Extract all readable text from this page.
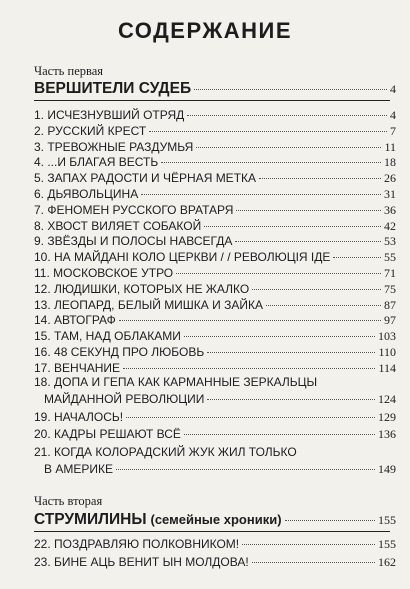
СОДЕРЖАНИЕ
Часть первая
ВЕРШИТЕЛИ СУДЕБ	4
1. ИСЧЕЗНУВШИЙ ОТРЯД	4
2. РУССКИЙ КРЕСТ	7
3. ТРЕВОЖНЫЕ РАЗДУМЬЯ	11
4. ...И БЛАГАЯ ВЕСТЬ	18
5. ЗАПАХ РАДОСТИ И ЧЁРНАЯ МЕТКА	26
6. ДЬЯВОЛЬЦИНА	31
7. ФЕНОМЕН РУССКОГО ВРАТАРЯ	36
8. ХВОСТ ВИЛЯЕТ СОБАКОЙ	42
9. ЗВЁЗДЫ И ПОЛОСЫ НАВСЕГДА	53
10. НА МАЙДАНІ КОЛО ЦЕРКВИ / / РЕВОЛЮЦІЯ ІДЕ	55
11. МОСКОВСКОЕ УТРО	71
12. ЛЮДИШКИ, КОТОРЫХ НЕ ЖАЛКО	75
13. ЛЕОПАРД, БЕЛЫЙ МИШКА И ЗАЙКА	87
14. АВТОГРАФ	97
15. ТАМ, НАД ОБЛАКАМИ	103
16. 48 СЕКУНД ПРО ЛЮБОВЬ	110
17. ВЕНЧАНИЕ	114
18. ДОПА И ГЕПА КАК КАРМАННЫЕ ЗЕРКАЛЬЦЫ
МАЙДАННОЙ РЕВОЛЮЦИИ	124
19. НАЧАЛОСЬ!	129
20. КАДРЫ РЕШАЮТ ВСЁ	136
21. КОГДА КОЛОРАДСКИЙ ЖУК ЖИЛ ТОЛЬКО
В АМЕРИКЕ	149
Часть вторая
СТРУМИЛИНЫ (семейные хроники)	155
22. ПОЗДРАВЛЯЮ ПОЛКОВНИКОМ!	155
23. БИНЕ АЦЬ ВЕНИТ ЫН МОЛДОВА!	162
